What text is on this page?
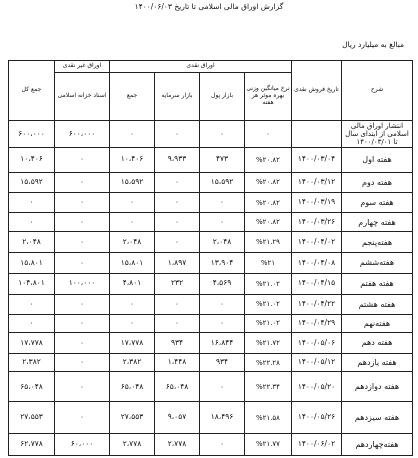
گزارش اوراق مالی اسلامی تا تاریخ ۱۴۰۰/۰۶/۰۳
مبالغ به میلیارد ریال
شرح	تاریخ فروش نقدی	اوراق نقدی				اوراق غیر نقدی	جمع کل
		نرخ میانگین وزنی بهره موثر هر هفته	بازار پول	بازار سرمایه	جمع	اسناد خزانه اسلامی	

انتشار اوراق مالی اسلامی از ابتدای سال تا ۱۴۰۰/۰۳/۰۱		۰	۰	۰	۰	۶۰۰،۰۰۰	۶۰۰،۰۰۰
هفته اول	۱۴۰۰/۰۳/۰۴	%۲۰.۸۲	۴۷۳	۹،۹۳۳	۱۰،۴۰۶	۰	۱۰،۴۰۶
هفته دوم	۱۴۰۰/۰۳/۱۲	%۲۰.۸۲	۱۵،۵۹۲	۰	۱۵،۵۹۲	۰	۱۵،۵۹۲
هفته سوم	۱۴۰۰/۰۳/۱۹	%۲۰.۸۲	۰	۰	۰	۰	۰
هفته چهارم	۱۴۰۰/۰۳/۲۶	%۲۰.۸۲	۰	۰	۰	۰	۰
هفته‌پنجم	۱۴۰۰/۰۴/۰۲	%۲۱.۲۹	۲،۰۴۸	۰	۲،۰۴۸	۰	۲،۰۴۸
هفته‌ششم	۱۴۰۰/۰۴/۰۸	%۲۱	۱۳،۹۰۴	۱،۸۹۷	۱۵،۸۰۱	۰	۱۵،۸۰۱
هفته هفتم	۱۴۰۰/۰۴/۱۵	%۲۱.۰۲	۴،۵۶۹	۲۳۲	۴،۸۰۱	۱۰۰،۰۰۰	۱۰۴،۸۰۱
هفته هشتم	۱۴۰۰/۰۴/۲۲	%۲۱.۰۲	۰	۰	۰	۰	۰
هفته‌نهم	۱۴۰۰/۰۴/۲۹	%۲۱.۰۲	۰	۰	۰	۰	۰
هفته دهم	۱۴۰۰/۰۵/۰۶	%۲۱.۷۲	۱۶،۸۴۴	۹۳۴	۱۷،۷۷۸	۰	۱۷،۷۷۸
هفته یازدهم	۱۴۰۰/۰۵/۱۲	%۲۲.۲۸	۹۳۴	۱،۴۴۸	۲،۳۸۲	۰	۲،۳۸۲
هفته دوازدهم	۱۴۰۰/۰۵/۲۰	%۲۲.۳۴	۰	۶۵،۰۴۸	۶۵،۰۴۸	۰	۶۵،۰۴۸
هفته سیزدهم	۱۴۰۰/۰۵/۲۶	%۲۱.۵۸	۱۸،۴۹۶	۹،۰۵۷	۲۷،۵۵۳	۰	۲۷،۵۵۳
هفته‌چهاردهم	۱۴۰۰/۰۶/۰۲	%۲۱.۷۷	۰	۲،۷۷۸	۲،۷۷۸	۶۰،۰۰۰	۶۲،۷۷۸
